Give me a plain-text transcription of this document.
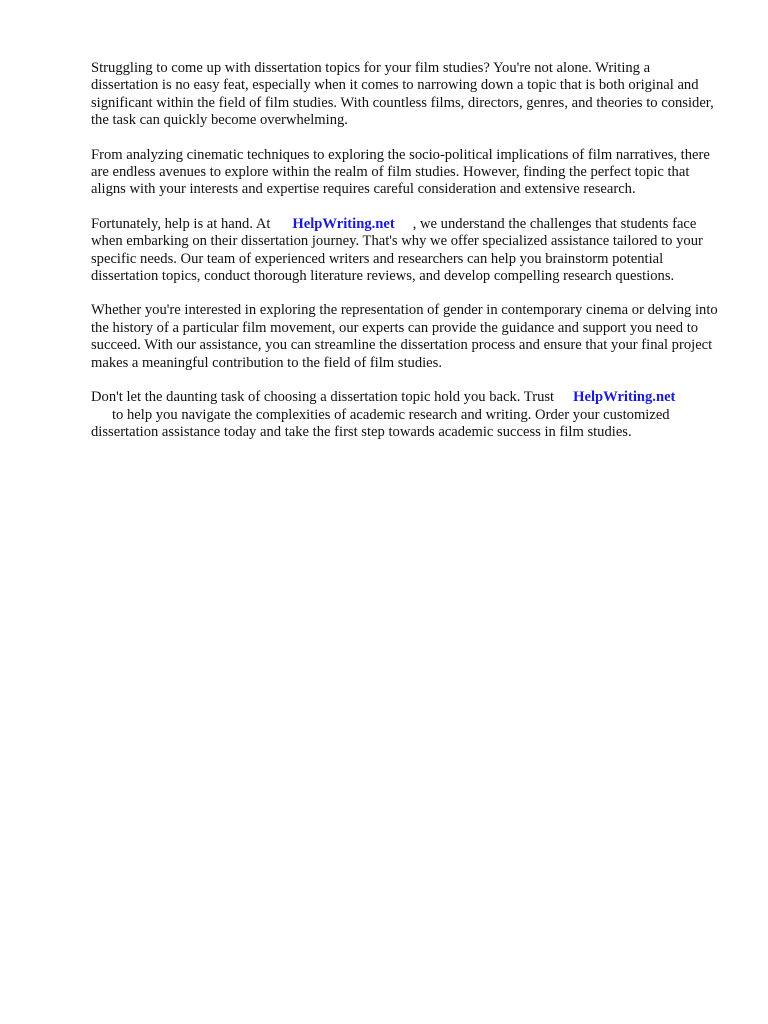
Struggling to come up with dissertation topics for your film studies? You're not alone. Writing a dissertation is no easy feat, especially when it comes to narrowing down a topic that is both original and significant within the field of film studies. With countless films, directors, genres, and theories to consider, the task can quickly become overwhelming.

From analyzing cinematic techniques to exploring the socio-political implications of film narratives, there are endless avenues to explore within the realm of film studies. However, finding the perfect topic that aligns with your interests and expertise requires careful consideration and extensive research.

Fortunately, help is at hand. At HelpWriting.net , we understand the challenges that students face when embarking on their dissertation journey. That's why we offer specialized assistance tailored to your specific needs. Our team of experienced writers and researchers can help you brainstorm potential dissertation topics, conduct thorough literature reviews, and develop compelling research questions.

Whether you're interested in exploring the representation of gender in contemporary cinema or delving into the history of a particular film movement, our experts can provide the guidance and support you need to succeed. With our assistance, you can streamline the dissertation process and ensure that your final project makes a meaningful contribution to the field of film studies.

Don't let the daunting task of choosing a dissertation topic hold you back. Trust HelpWriting.net
to help you navigate the complexities of academic research and writing. Order your customized dissertation assistance today and take the first step towards academic success in film studies.
